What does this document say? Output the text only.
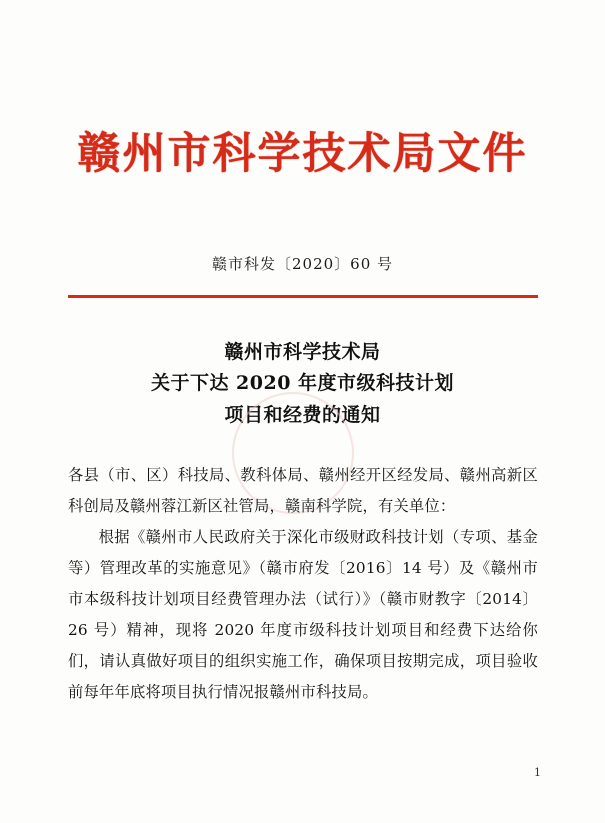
赣州市科学技术局文件
赣市科发〔2020〕60 号
赣州市科学技术局
关于下达 2020 年度市级科技计划
项目和经费的通知

各县（市、区）科技局、教科体局、赣州经开区经发局、赣州高新区科创局及赣州蓉江新区社管局，赣南科学院，有关单位：

根据《赣州市人民政府关于深化市级财政科技计划（专项、基金等）管理改革的实施意见》（赣市府发〔2016〕14 号）及《赣州市市本级科技计划项目经费管理办法（试行）》（赣市财教字〔2014〕26 号）精神，现将 2020 年度市级科技计划项目和经费下达给你们，请认真做好项目的组织实施工作，确保项目按期完成，项目验收前每年年底将项目执行情况报赣州市科技局。

1
